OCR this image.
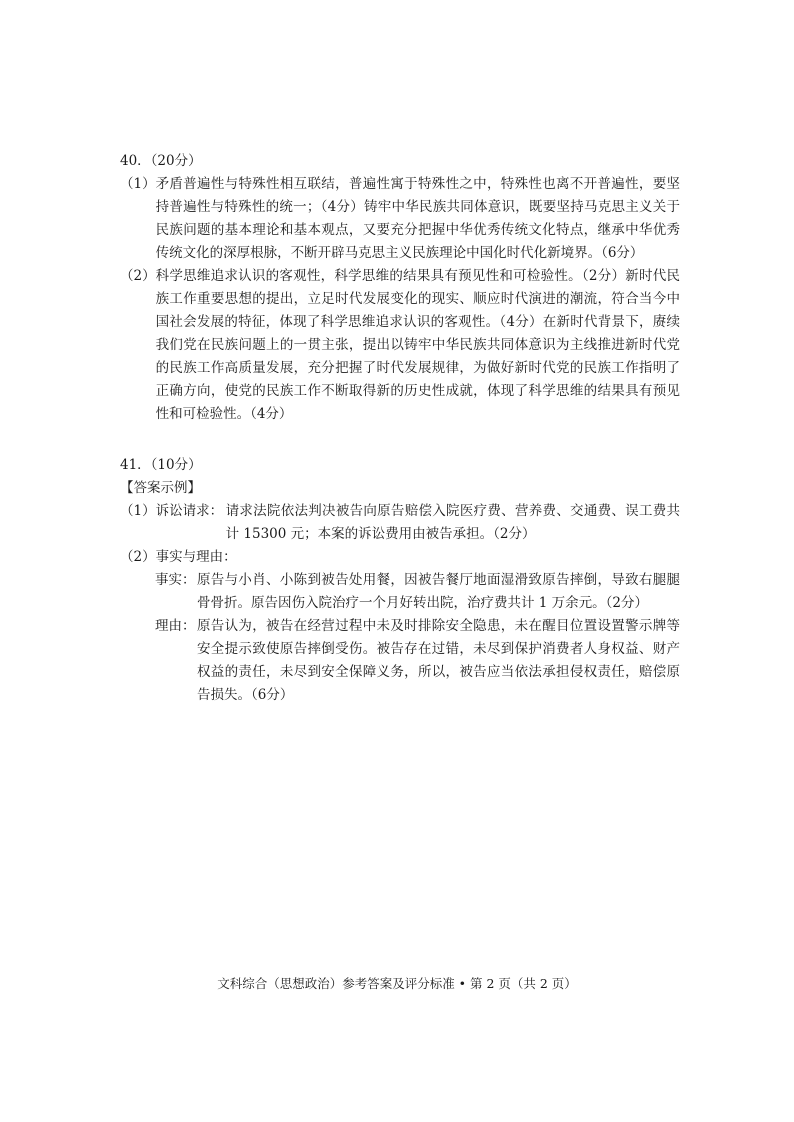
40．（20分）

（1） 矛盾普遍性与特殊性相互联结，普遍性寓于特殊性之中，特殊性也离不开普遍性，要坚持普遍性与特殊性的统一；（4分）铸牢中华民族共同体意识，既要坚持马克思主义关于民族问题的基本理论和基本观点，又要充分把握中华优秀传统文化特点，继承中华优秀传统文化的深厚根脉，不断开辟马克思主义民族理论中国化时代化新境界。（6分）
（2） 科学思维追求认识的客观性，科学思维的结果具有预见性和可检验性。（2分）新时代民族工作重要思想的提出，立足时代发展变化的现实、顺应时代演进的潮流，符合当今中国社会发展的特征，体现了科学思维追求认识的客观性。（4分）在新时代背景下，赓续我们党在民族问题上的一贯主张，提出以铸牢中华民族共同体意识为主线推进新时代党的民族工作高质量发展，充分把握了时代发展规律，为做好新时代党的民族工作指明了正确方向，使党的民族工作不断取得新的历史性成就，体现了科学思维的结果具有预见性和可检验性。（4分）

41．（10分）

【答案示例】

（1） 诉讼请求： 请求法院依法判决被告向原告赔偿入院医疗费、营养费、交通费、误工费共计 15300 元；本案的诉讼费用由被告承担。（2分）
（2） 事实与理由：
事实： 原告与小肖、小陈到被告处用餐，因被告餐厅地面湿滑致原告摔倒，导致右腿腿骨骨折。原告因伤入院治疗一个月好转出院，治疗费共计 1 万余元。（2分）
理由： 原告认为，被告在经营过程中未及时排除安全隐患，未在醒目位置设置警示牌等安全提示致使原告摔倒受伤。被告存在过错，未尽到保护消费者人身权益、财产权益的责任，未尽到安全保障义务，所以，被告应当依法承担侵权责任，赔偿原告损失。（6分）
文科综合（思想政治）参考答案及评分标准 • 第 2 页（共 2 页）
